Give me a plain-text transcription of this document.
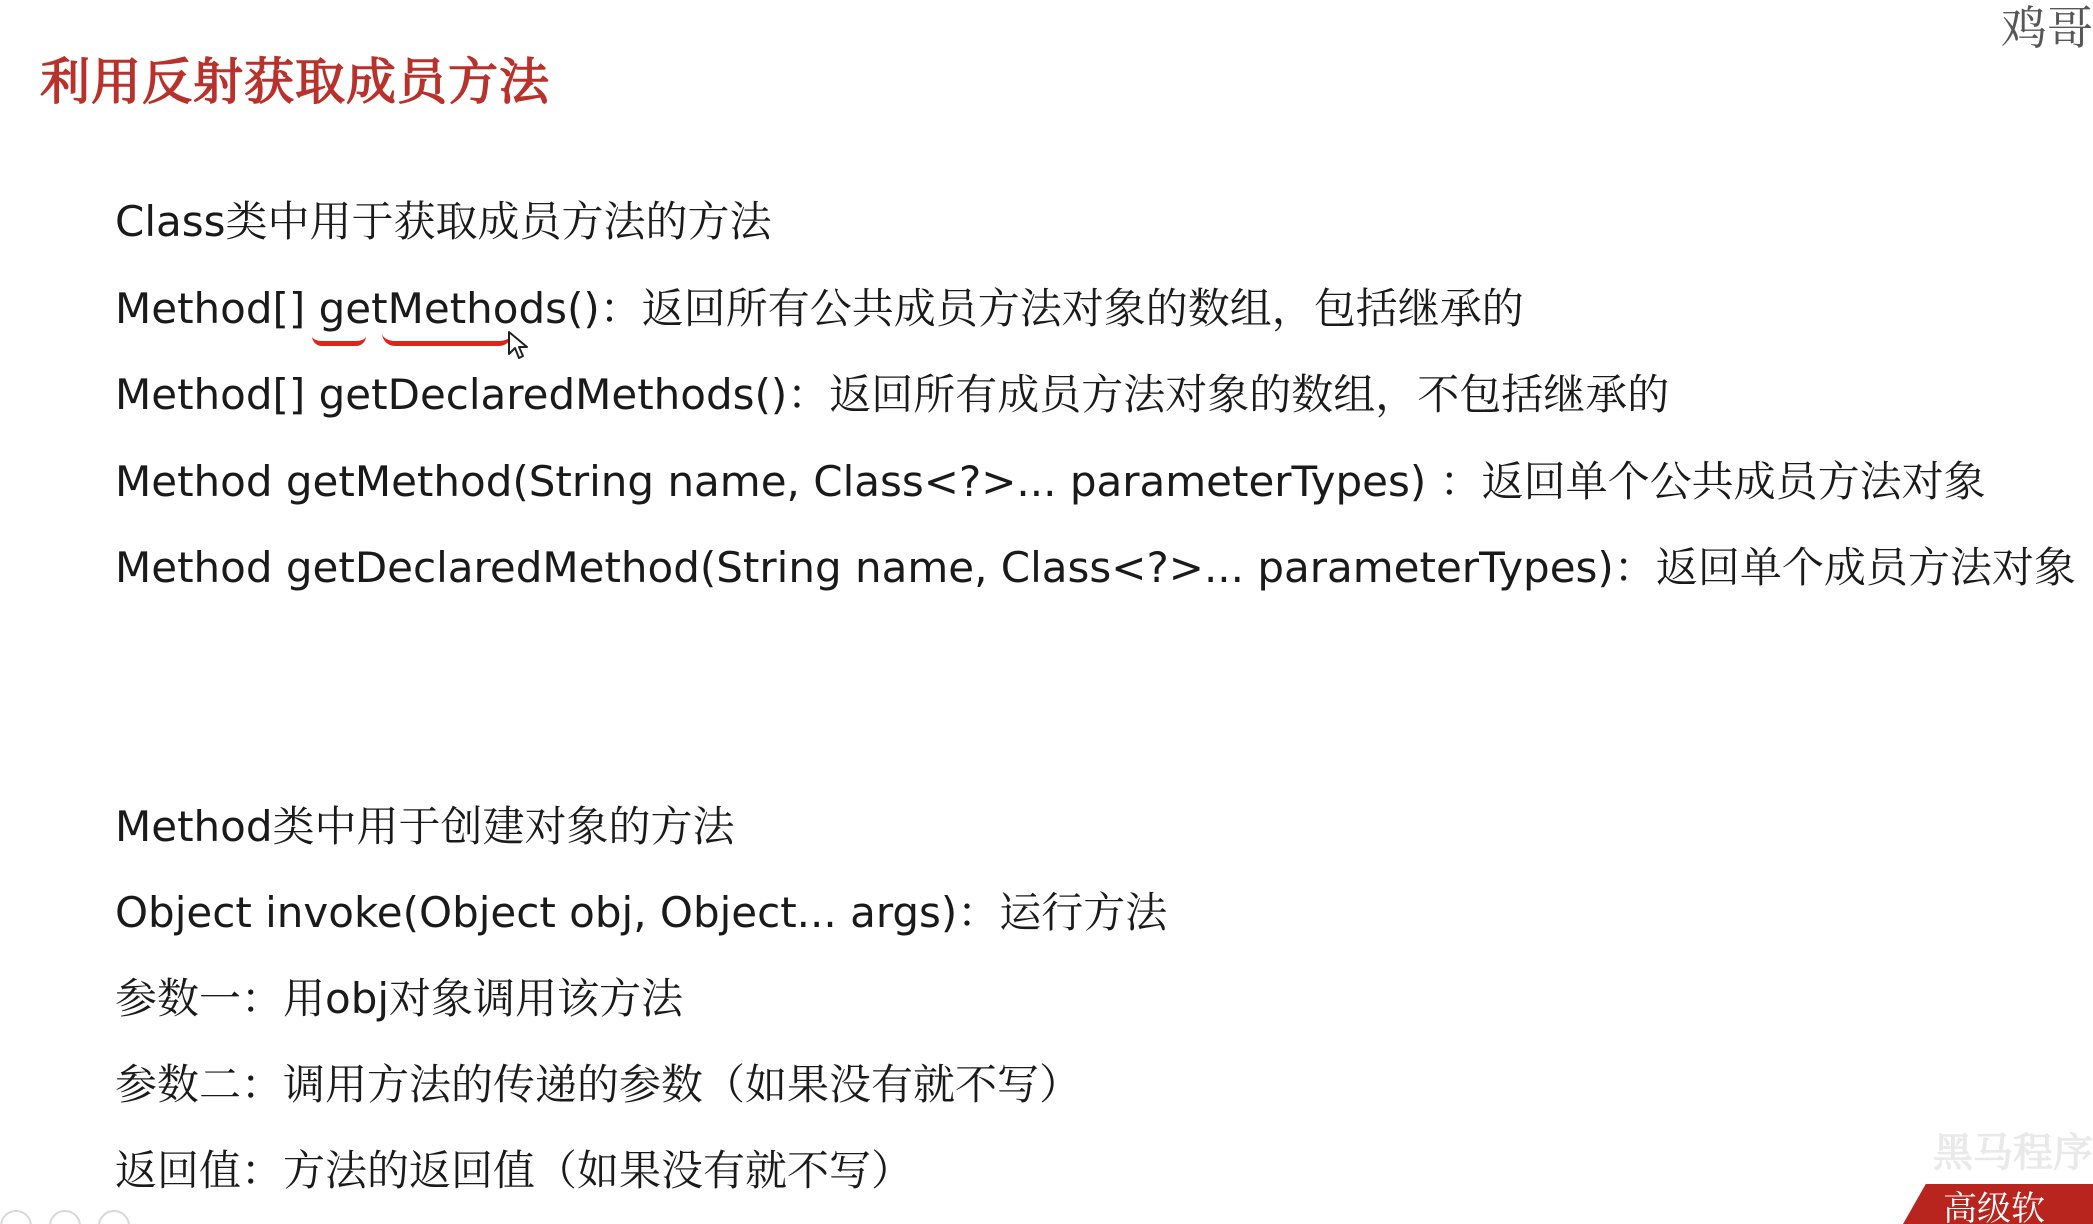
鸡哥
利用反射获取成员方法
Class类中用于获取成员方法的方法
Method[] getMethods()：返回所有公共成员方法对象的数组，包括继承的
Method[] getDeclaredMethods()：返回所有成员方法对象的数组，不包括继承的
Method getMethod(String name, Class<?>... parameterTypes) ：返回单个公共成员方法对象
Method getDeclaredMethod(String name, Class<?>... parameterTypes)：返回单个成员方法对象
Method类中用于创建对象的方法
Object invoke(Object obj, Object... args)：运行方法
参数一：用obj对象调用该方法
参数二：调用方法的传递的参数（如果没有就不写）
返回值：方法的返回值（如果没有就不写）
	黑马程序
高级软
